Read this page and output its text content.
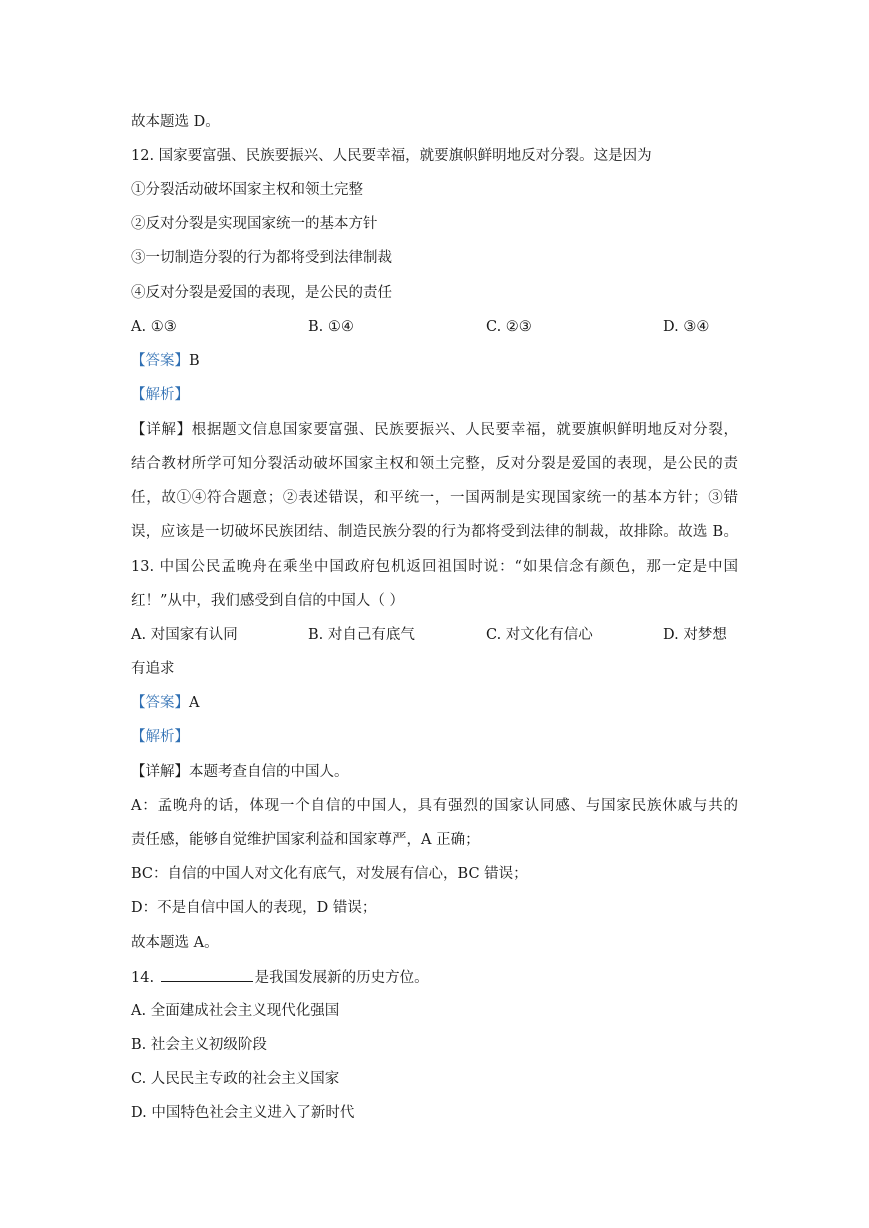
故本题选 D。
12. 国家要富强、民族要振兴、人民要幸福，就要旗帜鲜明地反对分裂。这是因为
①分裂活动破坏国家主权和领土完整
②反对分裂是实现国家统一的基本方针
③一切制造分裂的行为都将受到法律制裁
④反对分裂是爱国的表现，是公民的责任
A. ①③	B. ①④	C. ②③	D. ③④
【答案】B
【解析】
【详解】根据题文信息国家要富强、民族要振兴、人民要幸福，就要旗帜鲜明地反对分裂，
结合教材所学可知分裂活动破坏国家主权和领土完整，反对分裂是爱国的表现，是公民的责
任，故①④符合题意；②表述错误，和平统一，一国两制是实现国家统一的基本方针；③错
误，应该是一切破坏民族团结、制造民族分裂的行为都将受到法律的制裁，故排除。故选 B。
13. 中国公民孟晚舟在乘坐中国政府包机返回祖国时说：“如果信念有颜色，那一定是中国
红！”从中，我们感受到自信的中国人（ ）
A. 对国家有认同	B. 对自己有底气	C. 对文化有信心	D. 对梦想
有追求
【答案】A
【解析】
【详解】本题考查自信的中国人。
A：孟晚舟的话，体现一个自信的中国人，具有强烈的国家认同感、与国家民族休戚与共的
责任感，能够自觉维护国家利益和国家尊严，A 正确；
BC：自信的中国人对文化有底气，对发展有信心，BC 错误；
D：不是自信中国人的表现，D 错误；
故本题选 A。
14.	是我国发展新的历史方位。
A. 全面建成社会主义现代化强国
B. 社会主义初级阶段
C. 人民民主专政的社会主义国家
D. 中国特色社会主义进入了新时代
